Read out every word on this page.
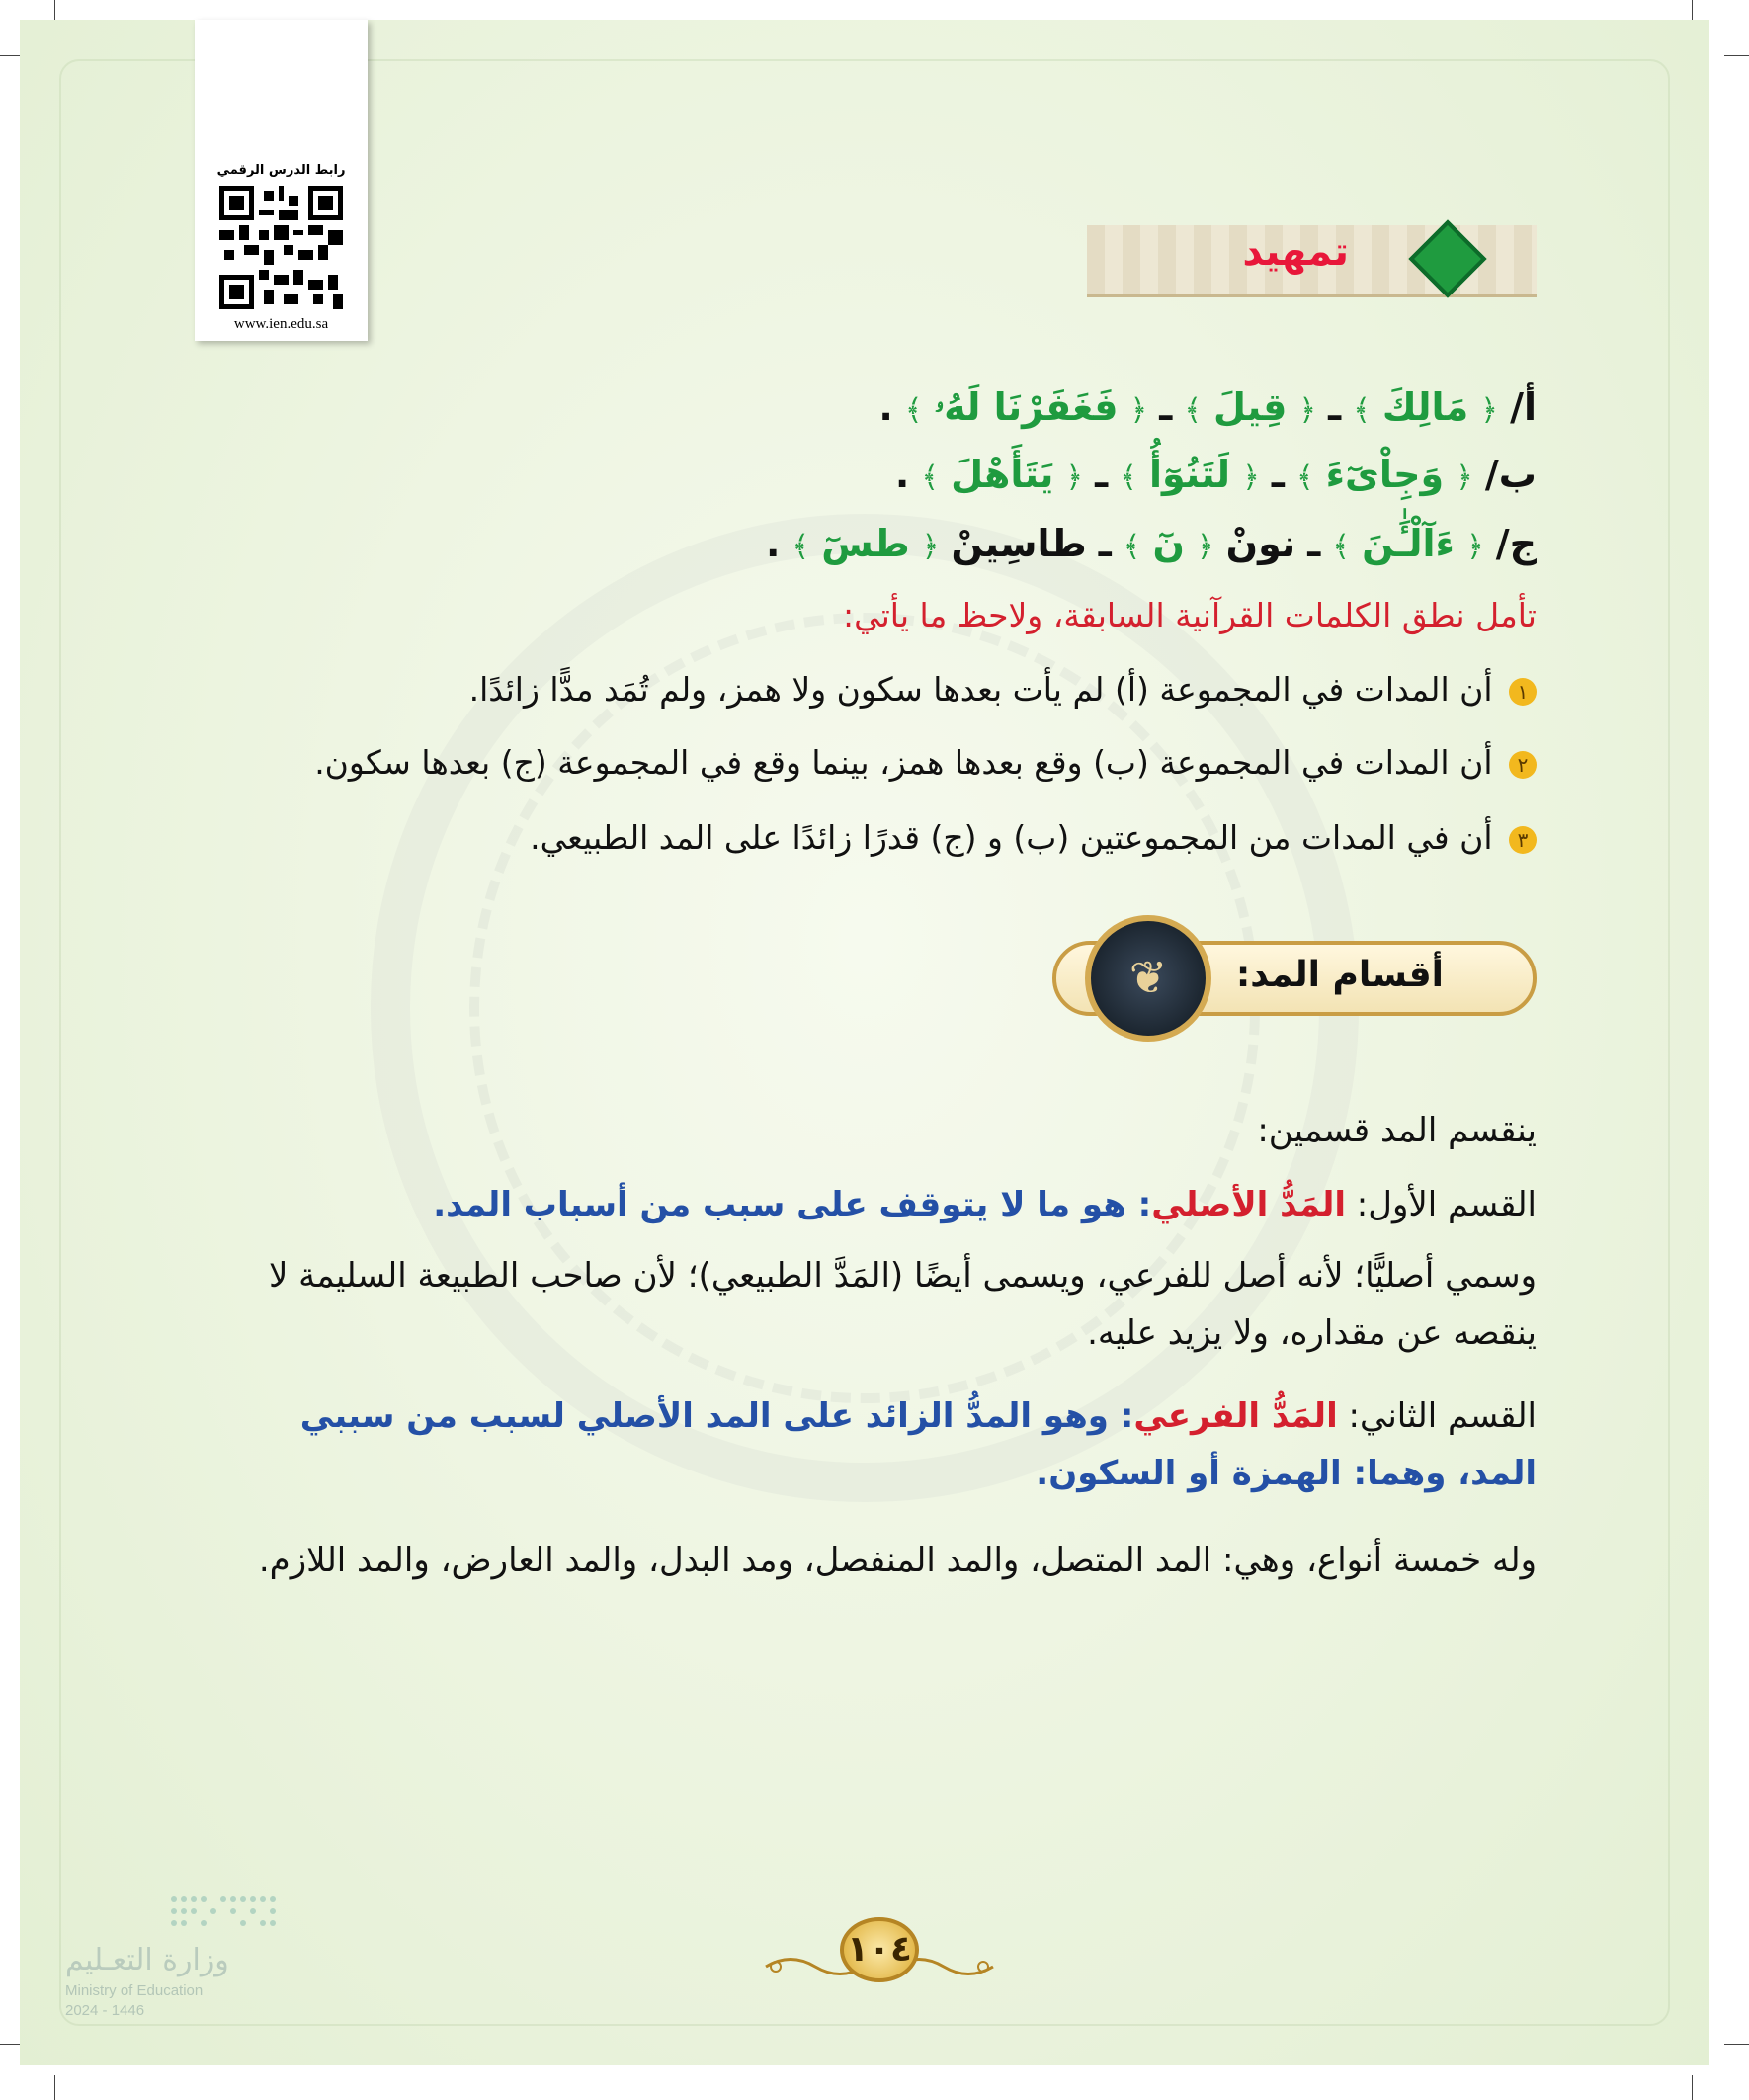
رابط الدرس الرقمي
www.ien.edu.sa
تمهيد
أ/ ﴿ مَالِكَ ﴾ ـ ﴿ قِيلَ ﴾ ـ ﴿ فَغَفَرْنَا لَهُۥ ﴾ .
ب/ ﴿ وَجِاْىٓءَ ﴾ ـ ﴿ لَتَنُوٓأُ ﴾ ـ ﴿ يَتَأَهْلَ ﴾ .
ج/ ﴿ ءَآلْـَٰٔنَ ﴾ ـ نونْ ﴿ نٓ ﴾ ـ طاسِينْ ﴿ طسٓ ﴾ .
تأمل نطق الكلمات القرآنية السابقة، ولاحظ ما يأتي:
١ أن المدات في المجموعة (أ) لم يأت بعدها سكون ولا همز، ولم تُمَد مدًّا زائدًا.
٢ أن المدات في المجموعة (ب) وقع بعدها همز، بينما وقع في المجموعة (ج) بعدها سكون.
٣ أن في المدات من المجموعتين (ب) و (ج) قدرًا زائدًا على المد الطبيعي.
أقسام المد:
❦
ينقسم المد قسمين:
القسم الأول: المَدُّ الأصلي: هو ما لا يتوقف على سبب من أسباب المد.
وسمي أصليًّا؛ لأنه أصل للفرعي، ويسمى أيضًا (المَدَّ الطبيعي)؛ لأن صاحب الطبيعة السليمة لا ينقصه عن مقداره، ولا يزيد عليه.
القسم الثاني: المَدُّ الفرعي: وهو المدُّ الزائد على المد الأصلي لسبب من سببي المد، وهما: الهمزة أو السكون.
وله خمسة أنواع، وهي: المد المتصل، والمد المنفصل، ومد البدل، والمد العارض، والمد اللازم.
١٠٤
وزارة التعـليم
Ministry of Education
2024 - 1446
